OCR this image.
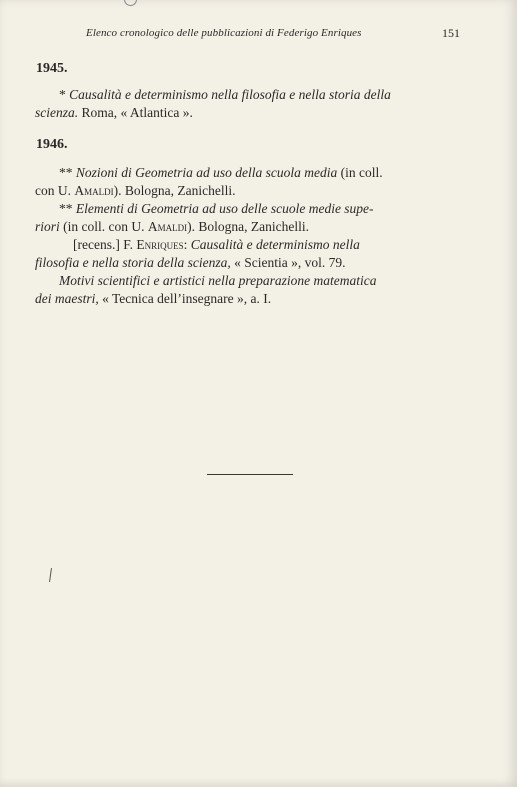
Elenco cronologico delle pubblicazioni di Federigo Enriques	151
1945.
* Causalità e determinismo nella filosofia e nella storia della
scienza. Roma, « Atlantica ».
1946.
** Nozioni di Geometria ad uso della scuola media (in coll.
con U. Amaldi). Bologna, Zanichelli.
** Elementi di Geometria ad uso delle scuole medie supe-
riori (in coll. con U. Amaldi). Bologna, Zanichelli.
[recens.] F. Enriques: Causalità e determinismo nella
filosofia e nella storia della scienza, « Scientia », vol. 79.
Motivi scientifici e artistici nella preparazione matematica
dei maestri, « Tecnica dell’insegnare », a. I.
